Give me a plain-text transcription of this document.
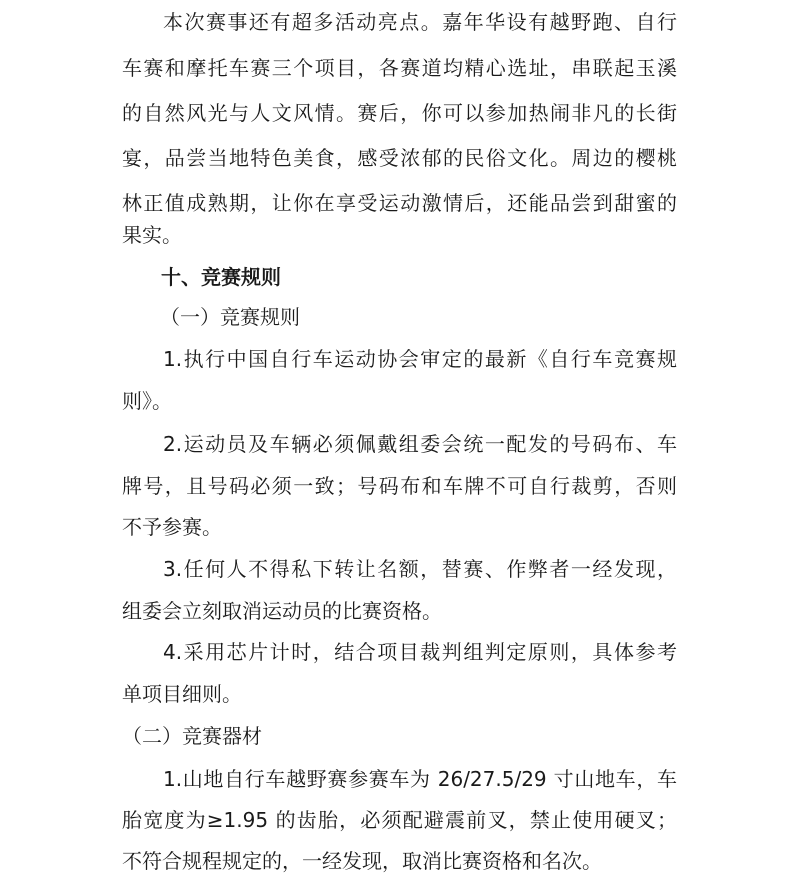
本次赛事还有超多活动亮点。嘉年华设有越野跑、自行
车赛和摩托车赛三个项目，各赛道均精心选址，串联起玉溪
的自然风光与人文风情。赛后，你可以参加热闹非凡的长街
宴，品尝当地特色美食，感受浓郁的民俗文化。周边的樱桃
林正值成熟期，让你在享受运动激情后，还能品尝到甜蜜的
果实。
十、竞赛规则
（一）竞赛规则
1.执行中国自行车运动协会审定的最新《自行车竞赛规
则》。
2.运动员及车辆必须佩戴组委会统一配发的号码布、车
牌号，且号码必须一致；号码布和车牌不可自行裁剪，否则
不予参赛。
3.任何人不得私下转让名额，替赛、作弊者一经发现，
组委会立刻取消运动员的比赛资格。
4.采用芯片计时，结合项目裁判组判定原则，具体参考
单项目细则。
（二）竞赛器材
1.山地自行车越野赛参赛车为 26/27.5/29 寸山地车，车
胎宽度为≥1.95 的齿胎，必须配避震前叉，禁止使用硬叉；
不符合规程规定的，一经发现，取消比赛资格和名次。
